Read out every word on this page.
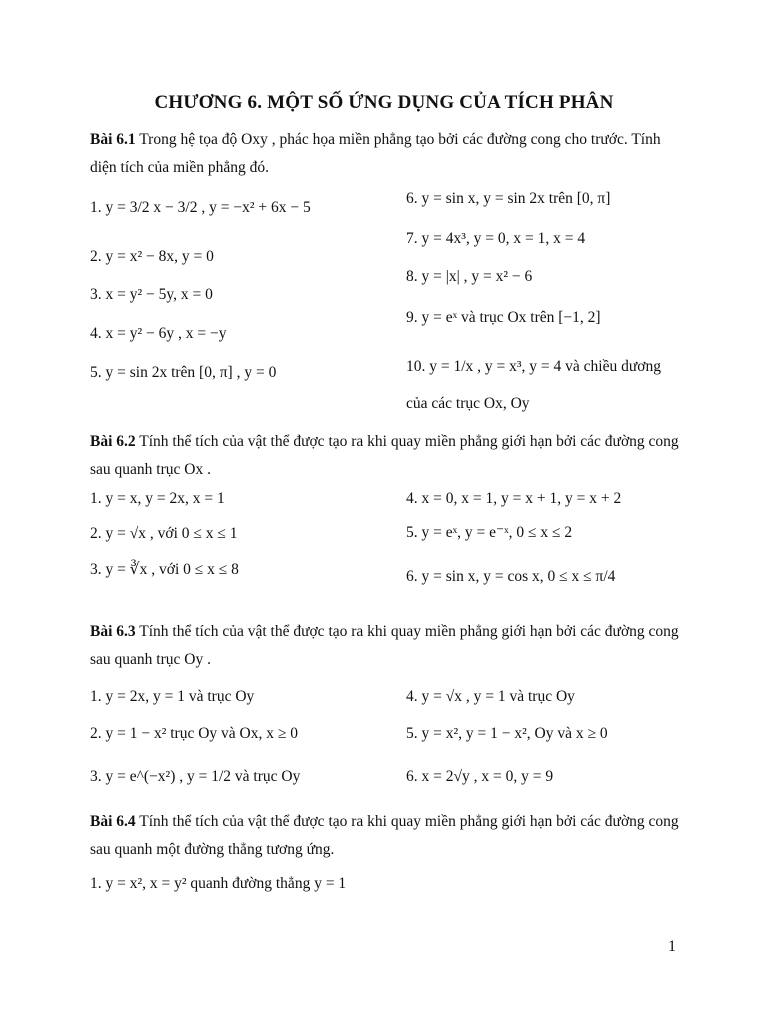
CHƯƠNG 6. MỘT SỐ ỨNG DỤNG CỦA TÍCH PHÂN
Bài 6.1 Trong hệ tọa độ Oxy , phác họa miền phẳng tạo bởi các đường cong cho trước. Tính diện tích của miền phẳng đó.
1. y = 3/2 x − 3/2 , y = −x² + 6x − 5
2. y = x² − 8x, y = 0
3. x = y² − 5y, x = 0
4. x = y² − 6y , x = −y
5. y = sin 2x trên [0, π] , y = 0
6. y = sin x, y = sin 2x trên [0, π]
7. y = 4x³, y = 0, x = 1, x = 4
8. y = |x| , y = x² − 6
9. y = eˣ và trục Ox trên [−1, 2]
10. y = 1/x , y = x³, y = 4 và chiều dương
của các trục Ox, Oy
Bài 6.2 Tính thể tích của vật thể được tạo ra khi quay miền phẳng giới hạn bởi các đường cong sau quanh trục Ox .
1. y = x, y = 2x, x = 1
2. y = √x , với 0 ≤ x ≤ 1
3. y = ∛x , với 0 ≤ x ≤ 8
4. x = 0, x = 1, y = x + 1, y = x + 2
5. y = eˣ, y = e⁻ˣ, 0 ≤ x ≤ 2
6. y = sin x, y = cos x, 0 ≤ x ≤ π/4
Bài 6.3 Tính thể tích của vật thể được tạo ra khi quay miền phẳng giới hạn bởi các đường cong sau quanh trục Oy .
1. y = 2x, y = 1 và trục Oy
2. y = 1 − x² trục Oy và Ox, x ≥ 0
3. y = e^(−x²) , y = 1/2 và trục Oy
4. y = √x , y = 1 và trục Oy
5. y = x², y = 1 − x², Oy và x ≥ 0
6. x = 2√y , x = 0, y = 9
Bài 6.4 Tính thể tích của vật thể được tạo ra khi quay miền phẳng giới hạn bởi các đường cong sau quanh một đường thẳng tương ứng.
1. y = x², x = y² quanh đường thẳng y = 1
1
